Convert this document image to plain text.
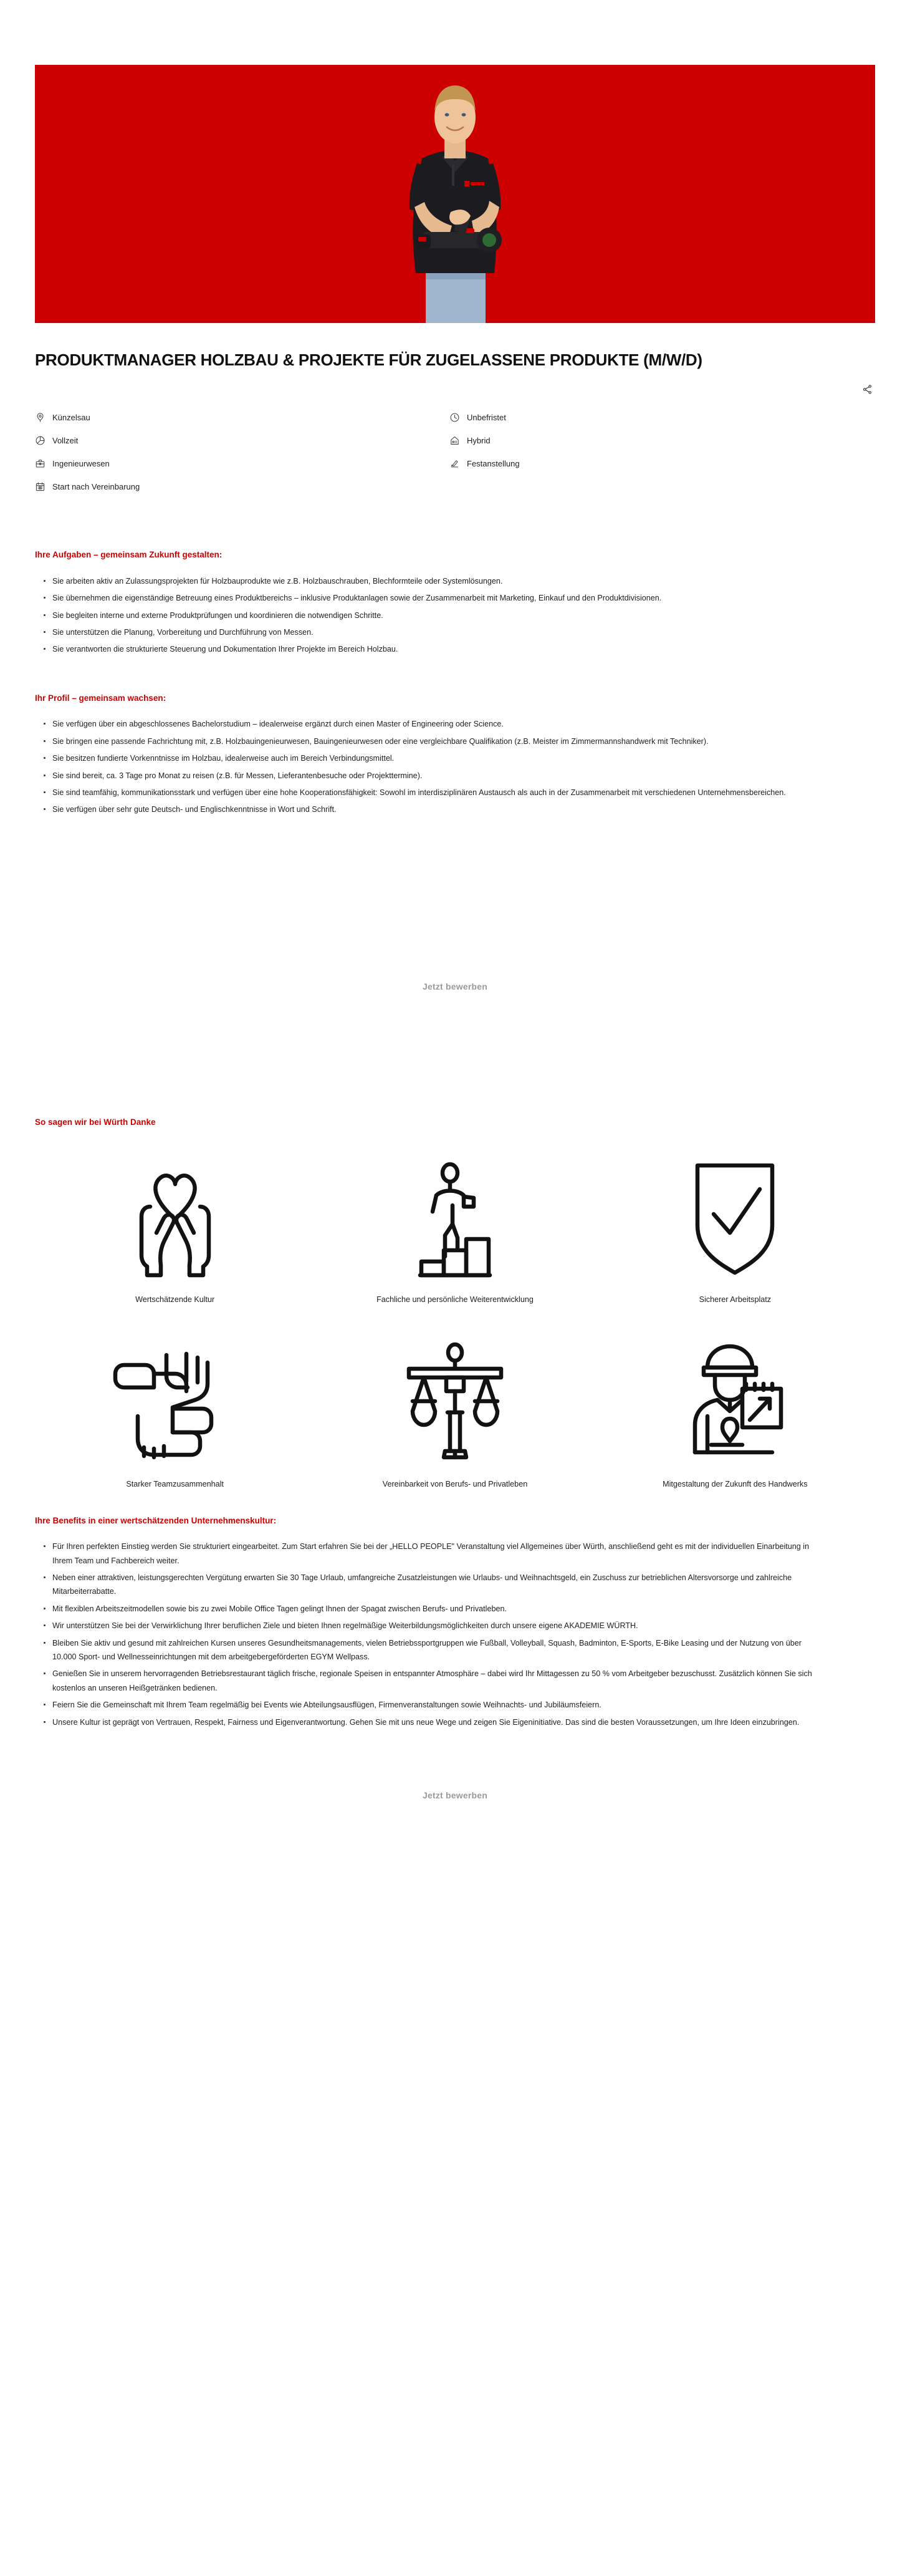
PRODUKTMANAGER HOLZBAU & PROJEKTE FÜR ZUGELASSENE PRODUKTE (M/W/D)
Künzelsau
Vollzeit
Ingenieurwesen
Start nach Vereinbarung
Unbefristet
Hybrid
Festanstellung
Ihre Aufgaben – gemeinsam Zukunft gestalten:
Sie arbeiten aktiv an Zulassungsprojekten für Holzbauprodukte wie z.B. Holzbauschrauben, Blechformteile oder Systemlösungen.
Sie übernehmen die eigenständige Betreuung eines Produktbereichs – inklusive Produktanlagen sowie der Zusammenarbeit mit Marketing, Einkauf und den Produktdivisionen.
Sie begleiten interne und externe Produktprüfungen und koordinieren die notwendigen Schritte.
Sie unterstützen die Planung, Vorbereitung und Durchführung von Messen.
Sie verantworten die strukturierte Steuerung und Dokumentation Ihrer Projekte im Bereich Holzbau.
Ihr Profil – gemeinsam wachsen:
Sie verfügen über ein abgeschlossenes Bachelorstudium – idealerweise ergänzt durch einen Master of Engineering oder Science.
Sie bringen eine passende Fachrichtung mit, z.B. Holzbauingenieurwesen, Bauingenieurwesen oder eine vergleichbare Qualifikation (z.B. Meister im Zimmermannshandwerk mit Techniker).
Sie besitzen fundierte Vorkenntnisse im Holzbau, idealerweise auch im Bereich Verbindungsmittel.
Sie sind bereit, ca. 3 Tage pro Monat zu reisen (z.B. für Messen, Lieferantenbesuche oder Projekttermine).
Sie sind teamfähig, kommunikationsstark und verfügen über eine hohe Kooperationsfähigkeit: Sowohl im interdisziplinären Austausch als auch in der Zusammenarbeit mit verschiedenen Unternehmensbereichen.
Sie verfügen über sehr gute Deutsch- und Englischkenntnisse in Wort und Schrift.
Jetzt bewerben
So sagen wir bei Würth Danke
Wertschätzende Kultur	Fachliche und persönliche Weiterentwicklung	Sicherer Arbeitsplatz
Starker Teamzusammenhalt	Vereinbarkeit von Berufs- und Privatleben	Mitgestaltung der Zukunft des Handwerks
Ihre Benefits in einer wertschätzenden Unternehmenskultur:
Für Ihren perfekten Einstieg werden Sie strukturiert eingearbeitet. Zum Start erfahren Sie bei der „HELLO PEOPLE" Veranstaltung viel Allgemeines über Würth, anschließend geht es mit der individuellen Einarbeitung in Ihrem Team und Fachbereich weiter.
Neben einer attraktiven, leistungsgerechten Vergütung erwarten Sie 30 Tage Urlaub, umfangreiche Zusatzleistungen wie Urlaubs- und Weihnachtsgeld, ein Zuschuss zur betrieblichen Altersvorsorge und zahlreiche Mitarbeiterrabatte.
Mit flexiblen Arbeitszeitmodellen sowie bis zu zwei Mobile Office Tagen gelingt Ihnen der Spagat zwischen Berufs- und Privatleben.
Wir unterstützen Sie bei der Verwirklichung Ihrer beruflichen Ziele und bieten Ihnen regelmäßige Weiterbildungsmöglichkeiten durch unsere eigene AKADEMIE WÜRTH.
Bleiben Sie aktiv und gesund mit zahlreichen Kursen unseres Gesundheitsmanagements, vielen Betriebssportgruppen wie Fußball, Volleyball, Squash, Badminton, E-Sports, E-Bike Leasing und der Nutzung von über 10.000 Sport- und Wellnesseinrichtungen mit dem arbeitgebergeförderten EGYM Wellpass.
Genießen Sie in unserem hervorragenden Betriebsrestaurant täglich frische, regionale Speisen in entspannter Atmosphäre – dabei wird Ihr Mittagessen zu 50 % vom Arbeitgeber bezuschusst. Zusätzlich können Sie sich kostenlos an unseren Heißgetränken bedienen.
Feiern Sie die Gemeinschaft mit Ihrem Team regelmäßig bei Events wie Abteilungsausflügen, Firmenveranstaltungen sowie Weihnachts- und Jubiläumsfeiern.
Unsere Kultur ist geprägt von Vertrauen, Respekt, Fairness und Eigenverantwortung. Gehen Sie mit uns neue Wege und zeigen Sie Eigeninitiative. Das sind die besten Voraussetzungen, um Ihre Ideen einzubringen.
Jetzt bewerben
